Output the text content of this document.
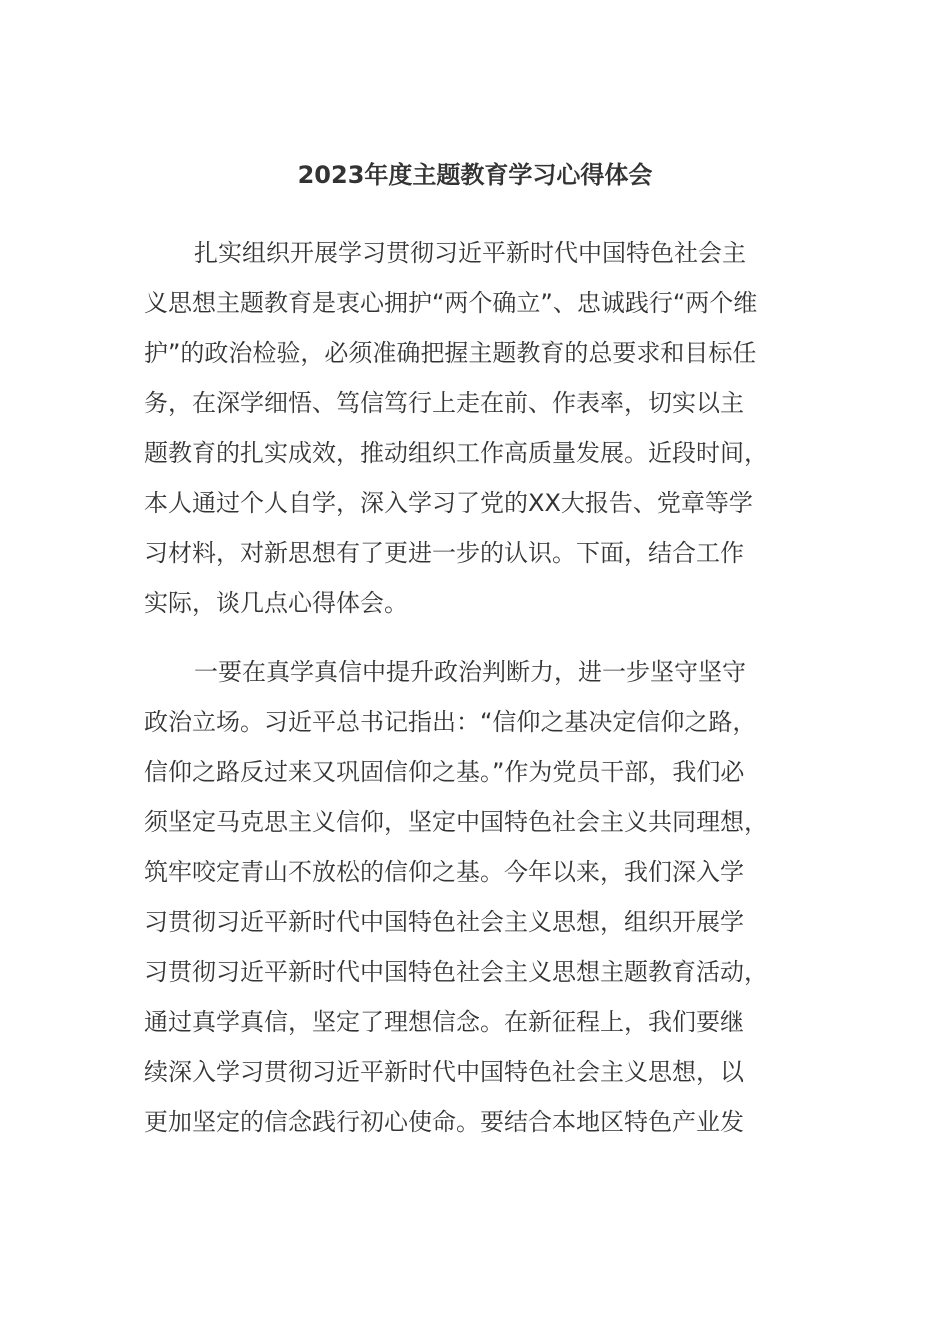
2023年度主题教育学习心得体会
扎实组织开展学习贯彻习近平新时代中国特色社会主
义思想主题教育是衷心拥护“两个确立”、忠诚践行“两个维
护”的政治检验，必须准确把握主题教育的总要求和目标任
务，在深学细悟、笃信笃行上走在前、作表率，切实以主
题教育的扎实成效，推动组织工作高质量发展。近段时间，
本人通过个人自学，深入学习了党的XX大报告、党章等学
习材料，对新思想有了更进一步的认识。下面，结合工作
实际，谈几点心得体会。
一要在真学真信中提升政治判断力，进一步坚守坚守
政治立场。习近平总书记指出：“信仰之基决定信仰之路，
信仰之路反过来又巩固信仰之基。”作为党员干部，我们必
须坚定马克思主义信仰，坚定中国特色社会主义共同理想，
筑牢咬定青山不放松的信仰之基。今年以来，我们深入学
习贯彻习近平新时代中国特色社会主义思想，组织开展学
习贯彻习近平新时代中国特色社会主义思想主题教育活动，
通过真学真信，坚定了理想信念。在新征程上，我们要继
续深入学习贯彻习近平新时代中国特色社会主义思想，以
更加坚定的信念践行初心使命。要结合本地区特色产业发
